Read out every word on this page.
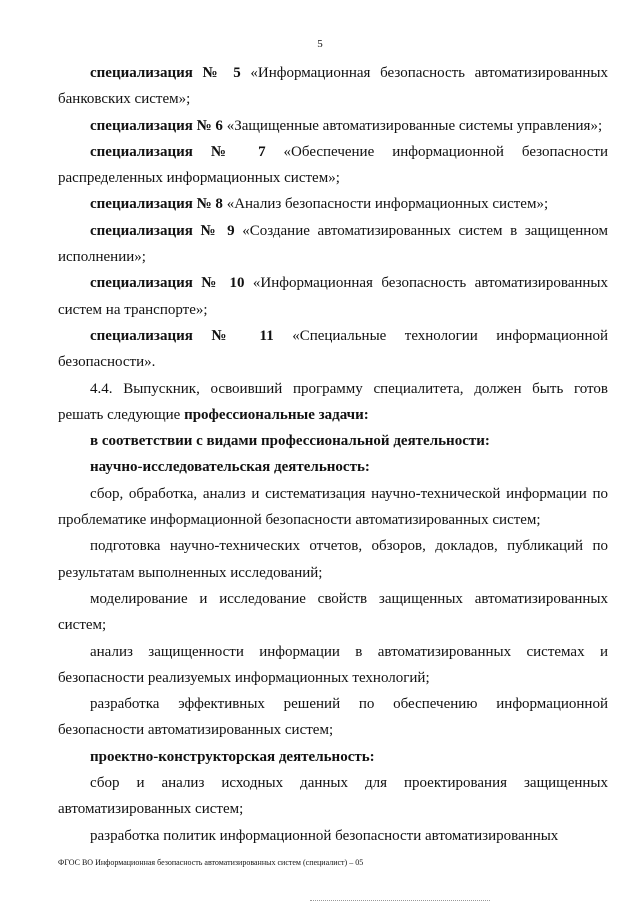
5
специализация № 5 «Информационная безопасность автоматизированных
банковских систем»;
специализация № 6 «Защищенные автоматизированные системы управления»;
специализация № 7 «Обеспечение информационной безопасности
распределенных информационных систем»;
специализация № 8 «Анализ безопасности информационных систем»;
специализация № 9 «Создание автоматизированных систем в защищенном
исполнении»;
специализация № 10 «Информационная безопасность автоматизированных
систем на транспорте»;
специализация № 11 «Специальные технологии информационной
безопасности».
4.4. Выпускник, освоивший программу специалитета, должен быть готов
решать следующие профессиональные задачи:
в соответствии с видами профессиональной деятельности:
научно-исследовательская деятельность:
сбор, обработка, анализ и систематизация научно-технической информации по
проблематике информационной безопасности автоматизированных систем;
подготовка научно-технических отчетов, обзоров, докладов, публикаций по
результатам выполненных исследований;
моделирование и исследование свойств защищенных автоматизированных
систем;
анализ защищенности информации в автоматизированных системах и
безопасности реализуемых информационных технологий;
разработка эффективных решений по обеспечению информационной
безопасности автоматизированных систем;
проектно-конструкторская деятельность:
сбор и анализ исходных данных для проектирования защищенных
автоматизированных систем;
разработка политик информационной безопасности автоматизированных
ФГОС ВО Информационная безопасность автоматизированных систем (специалист) – 05
